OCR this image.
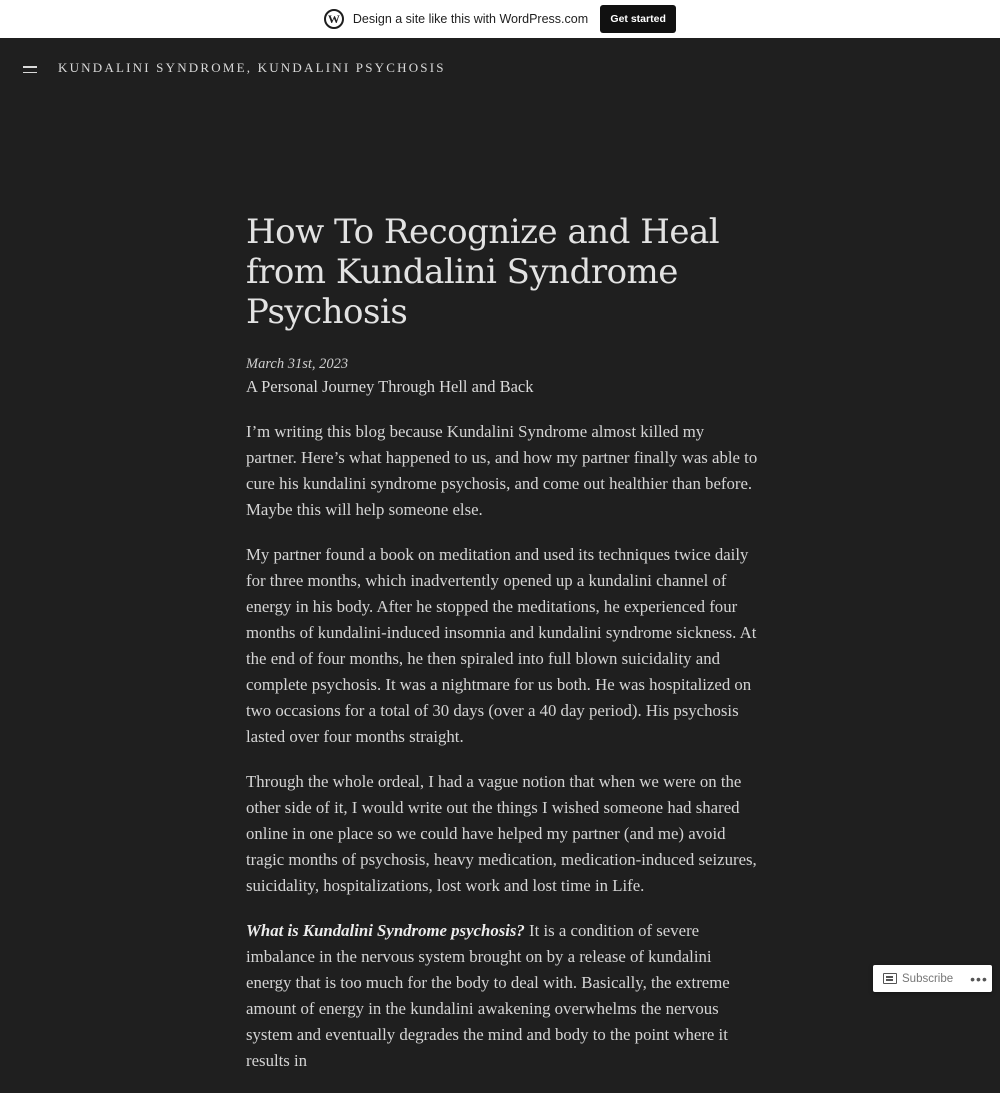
W	Design a site like this with WordPress.com	Get started
KUNDALINI SYNDROME, KUNDALINI PSYCHOSIS
How To Recognize and Heal from Kundalini Syndrome Psychosis
March 31st, 2023
A Personal Journey Through Hell and Back

I’m writing this blog because Kundalini Syndrome almost killed my partner. Here’s what happened to us, and how my partner finally was able to cure his kundalini syndrome psychosis, and come out healthier than before. Maybe this will help someone else.

My partner found a book on meditation and used its techniques twice daily for three months, which inadvertently opened up a kundalini channel of energy in his body. After he stopped the meditations, he experienced four months of kundalini-induced insomnia and kundalini syndrome sickness. At the end of four months, he then spiraled into full blown suicidality and complete psychosis. It was a nightmare for us both. He was hospitalized on two occasions for a total of 30 days (over a 40 day period). His psychosis lasted over four months straight.

Through the whole ordeal, I had a vague notion that when we were on the other side of it, I would write out the things I wished someone had shared online in one place so we could have helped my partner (and me) avoid tragic months of psychosis, heavy medication, medication-induced seizures, suicidality, hospitalizations, lost work and lost time in Life.

What is Kundalini Syndrome psychosis? It is a condition of severe imbalance in the nervous system brought on by a release of kundalini energy that is too much for the body to deal with. Basically, the extreme amount of energy in the kundalini awakening overwhelms the nervous system and eventually degrades the mind and body to the point where it results in

Subscribe •••
